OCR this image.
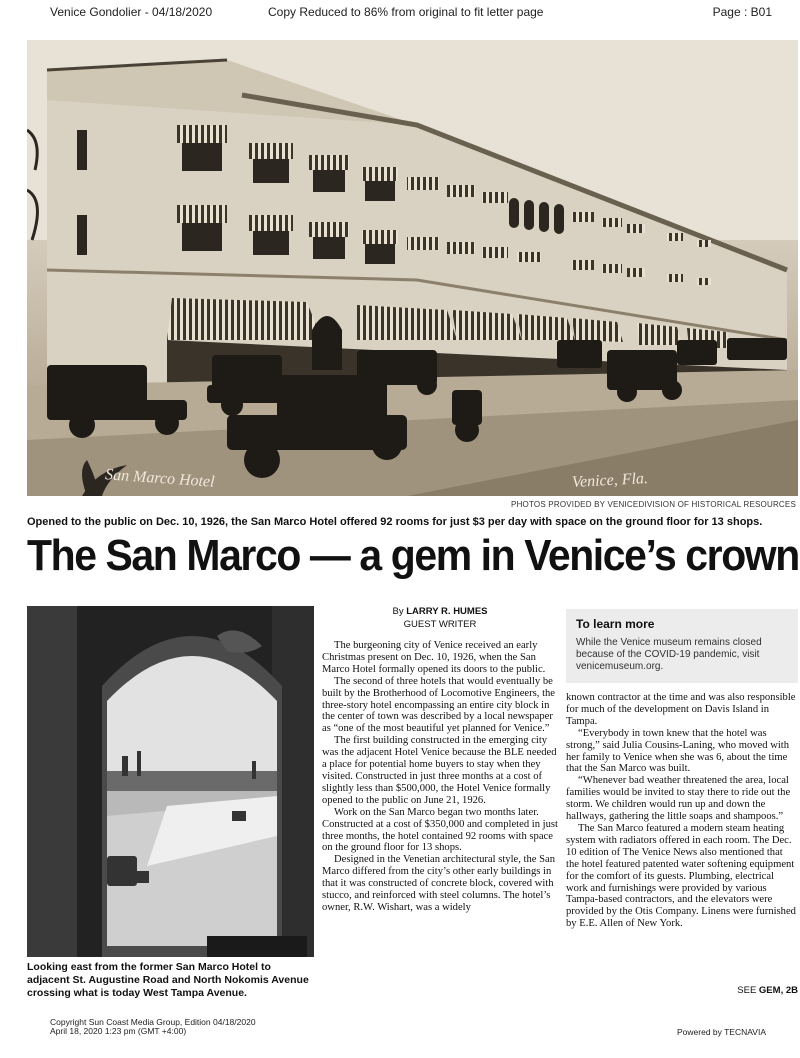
Venice Gondolier - 04/18/2020	Copy Reduced to 86% from original to fit letter page	Page : B01
San Marco Hotel	Venice, Fla.
PHOTOS PROVIDED BY VENICEDIVISION OF HISTORICAL RESOURCES
Opened to the public on Dec. 10, 1926, the San Marco Hotel offered 92 rooms for just $3 per day with space on the ground floor for 13 shops.
The San Marco — a gem in Venice’s crown
Looking east from the former San Marco Hotel to adjacent St. Augustine Road and North Nokomis Avenue crossing what is today West Tampa Avenue.
By LARRY R. HUMES
GUEST WRITER

The burgeoning city of Venice received an early Christmas present on Dec. 10, 1926, when the San Marco Hotel formally opened its doors to the public.

The second of three hotels that would eventually be built by the Brotherhood of Locomotive Engineers, the three-story hotel encompassing an entire city block in the center of town was described by a local newspaper as “one of the most beautiful yet planned for Venice.”

The first building constructed in the emerging city was the adjacent Hotel Venice because the BLE needed a place for potential home buyers to stay when they visited. Constructed in just three months at a cost of slightly less than $500,000, the Hotel Venice formally opened to the public on June 21, 1926.

Work on the San Marco began two months later. Constructed at a cost of $350,000 and completed in just three months, the hotel contained 92 rooms with space on the ground floor for 13 shops.

Designed in the Venetian architectural style, the San Marco differed from the city’s other early buildings in that it was constructed of concrete block, covered with stucco, and reinforced with steel columns. The hotel’s owner, R.W. Wishart, was a widely

To learn more
While the Venice museum remains closed because of the COVID-19 pandemic, visit venicemuseum.org.

known contractor at the time and was also responsible for much of the development on Davis Island in Tampa.

“Everybody in town knew that the hotel was strong,” said Julia Cousins-Laning, who moved with her family to Venice when she was 6, about the time that the San Marco was built.

“Whenever bad weather threatened the area, local families would be invited to stay there to ride out the storm. We children would run up and down the hallways, gathering the little soaps and shampoos.”

The San Marco featured a modern steam heating system with radiators offered in each room. The Dec. 10 edition of The Venice News also mentioned that the hotel featured patented water softening equipment for the comfort of its guests. Plumbing, electrical work and furnishings were provided by various Tampa-based contractors, and the elevators were provided by the Otis Company. Linens were furnished by E.E. Allen of New York.

SEE GEM, 2B
Copyright Sun Coast Media Group, Edition 04/18/2020
April 18, 2020 1:23 pm (GMT +4:00)	Powered by TECNAVIA
